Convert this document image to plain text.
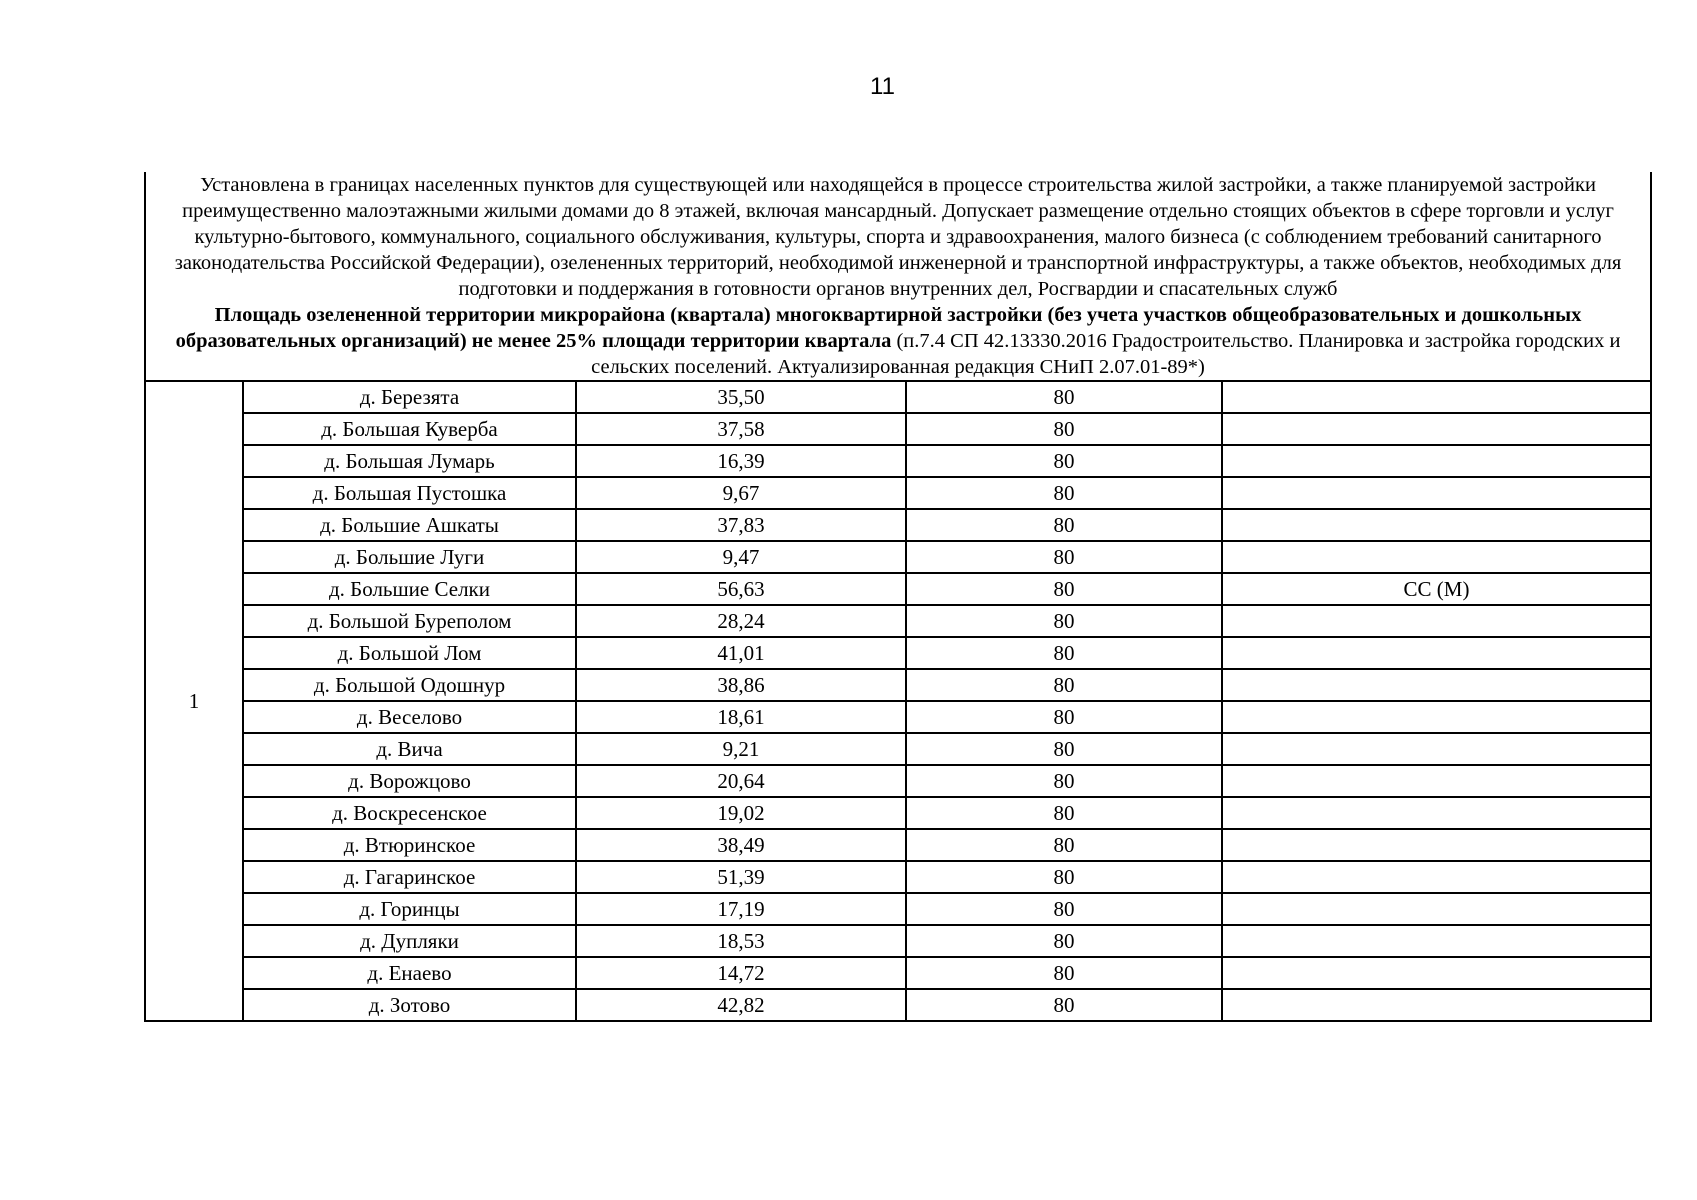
11
Установлена в границах населенных пунктов для существующей или находящейся в процессе строительства жилой застройки, а также планируемой застройки преимущественно малоэтажными жилыми домами до 8 этажей, включая мансардный. Допускает размещение отдельно стоящих объектов в сфере торговли и услуг культурно-бытового, коммунального, социального обслуживания, культуры, спорта и здравоохранения, малого бизнеса (с соблюдением требований санитарного законодательства Российской Федерации), озелененных территорий, необходимой инженерной и транспортной инфраструктуры, а также объектов, необходимых для подготовки и поддержания в готовности органов внутренних дел, Росгвардии и спасательных служб
Площадь озелененной территории микрорайона (квартала) многоквартирной застройки (без учета участков общеобразовательных и дошкольных образовательных организаций) не менее 25% площади территории квартала (п.7.4 СП 42.13330.2016 Градостроительство. Планировка и застройка городских и сельских поселений. Актуализированная редакция СНиП 2.07.01-89*)				
1	д. Березята	35,50	80	
	д. Большая Куверба	37,58	80	
	д. Большая Лумарь	16,39	80	
	д. Большая Пустошка	9,67	80	
	д. Большие Ашкаты	37,83	80	
	д. Большие Луги	9,47	80	
	д. Большие Селки	56,63	80	СС (М)
	д. Большой Буреполом	28,24	80	
	д. Большой Лом	41,01	80	
	д. Большой Одошнур	38,86	80	
	д. Веселово	18,61	80	
	д. Вича	9,21	80	
	д. Ворожцово	20,64	80	
	д. Воскресенское	19,02	80	
	д. Втюринское	38,49	80	
	д. Гагаринское	51,39	80	
	д. Горинцы	17,19	80	
	д. Дупляки	18,53	80	
	д. Енаево	14,72	80	
	д. Зотово	42,82	80	
